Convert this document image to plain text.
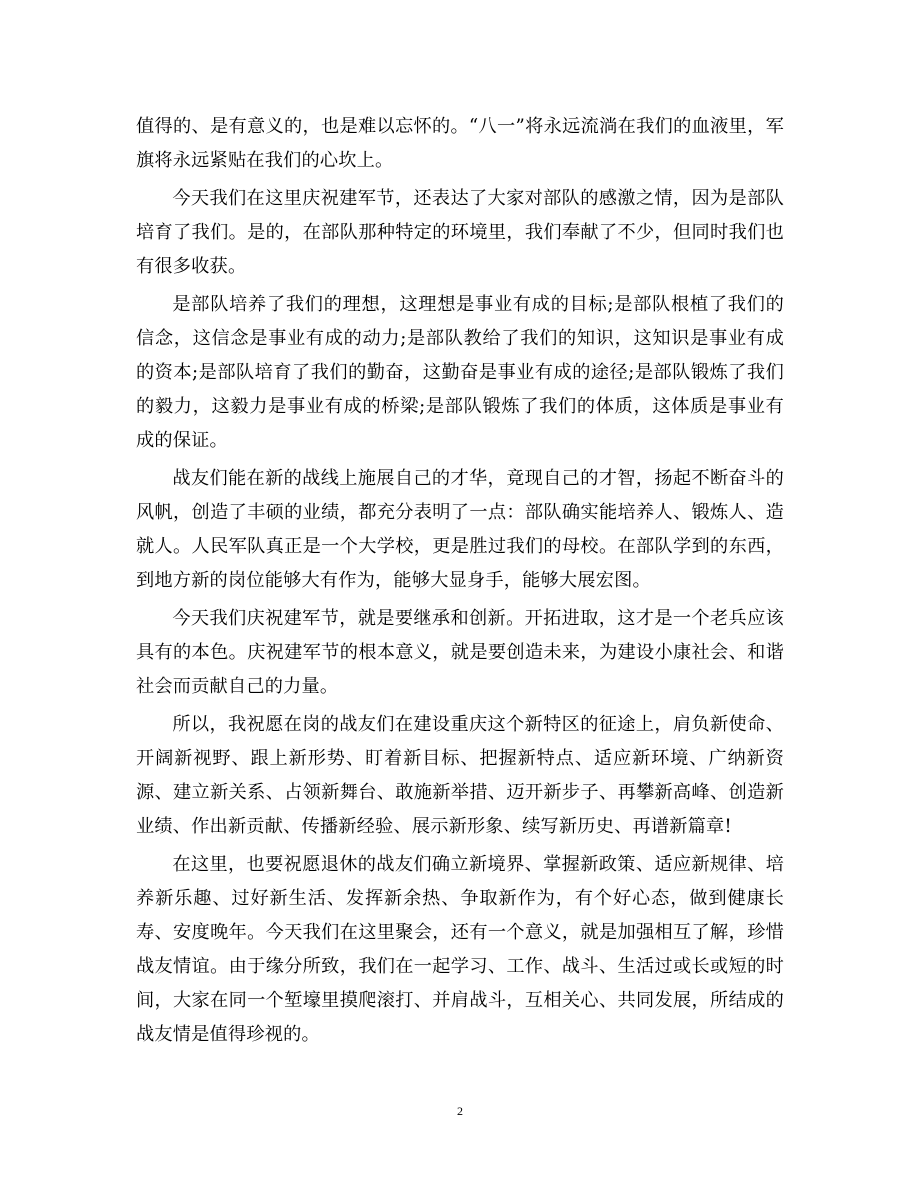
值得的、是有意义的，也是难以忘怀的。“八一”将永远流淌在我们的血液里，军旗将永远紧贴在我们的心坎上。

今天我们在这里庆祝建军节，还表达了大家对部队的感激之情，因为是部队培育了我们。是的，在部队那种特定的环境里，我们奉献了不少，但同时我们也有很多收获。

是部队培养了我们的理想，这理想是事业有成的目标;是部队根植了我们的信念，这信念是事业有成的动力;是部队教给了我们的知识，这知识是事业有成的资本;是部队培育了我们的勤奋，这勤奋是事业有成的途径;是部队锻炼了我们的毅力，这毅力是事业有成的桥梁;是部队锻炼了我们的体质，这体质是事业有成的保证。

战友们能在新的战线上施展自己的才华，竟现自己的才智，扬起不断奋斗的风帆，创造了丰硕的业绩，都充分表明了一点：部队确实能培养人、锻炼人、造就人。人民军队真正是一个大学校，更是胜过我们的母校。在部队学到的东西，到地方新的岗位能够大有作为，能够大显身手，能够大展宏图。

今天我们庆祝建军节，就是要继承和创新。开拓进取，这才是一个老兵应该具有的本色。庆祝建军节的根本意义，就是要创造未来，为建设小康社会、和谐社会而贡献自己的力量。

所以，我祝愿在岗的战友们在建设重庆这个新特区的征途上，肩负新使命、开阔新视野、跟上新形势、盯着新目标、把握新特点、适应新环境、广纳新资源、建立新关系、占领新舞台、敢施新举措、迈开新步子、再攀新高峰、创造新业绩、作出新贡献、传播新经验、展示新形象、续写新历史、再谱新篇章!

在这里，也要祝愿退休的战友们确立新境界、掌握新政策、适应新规律、培养新乐趣、过好新生活、发挥新余热、争取新作为，有个好心态，做到健康长寿、安度晚年。今天我们在这里聚会，还有一个意义，就是加强相互了解，珍惜战友情谊。由于缘分所致，我们在一起学习、工作、战斗、生活过或长或短的时间，大家在同一个堑壕里摸爬滚打、并肩战斗，互相关心、共同发展，所结成的战友情是值得珍视的。

2
